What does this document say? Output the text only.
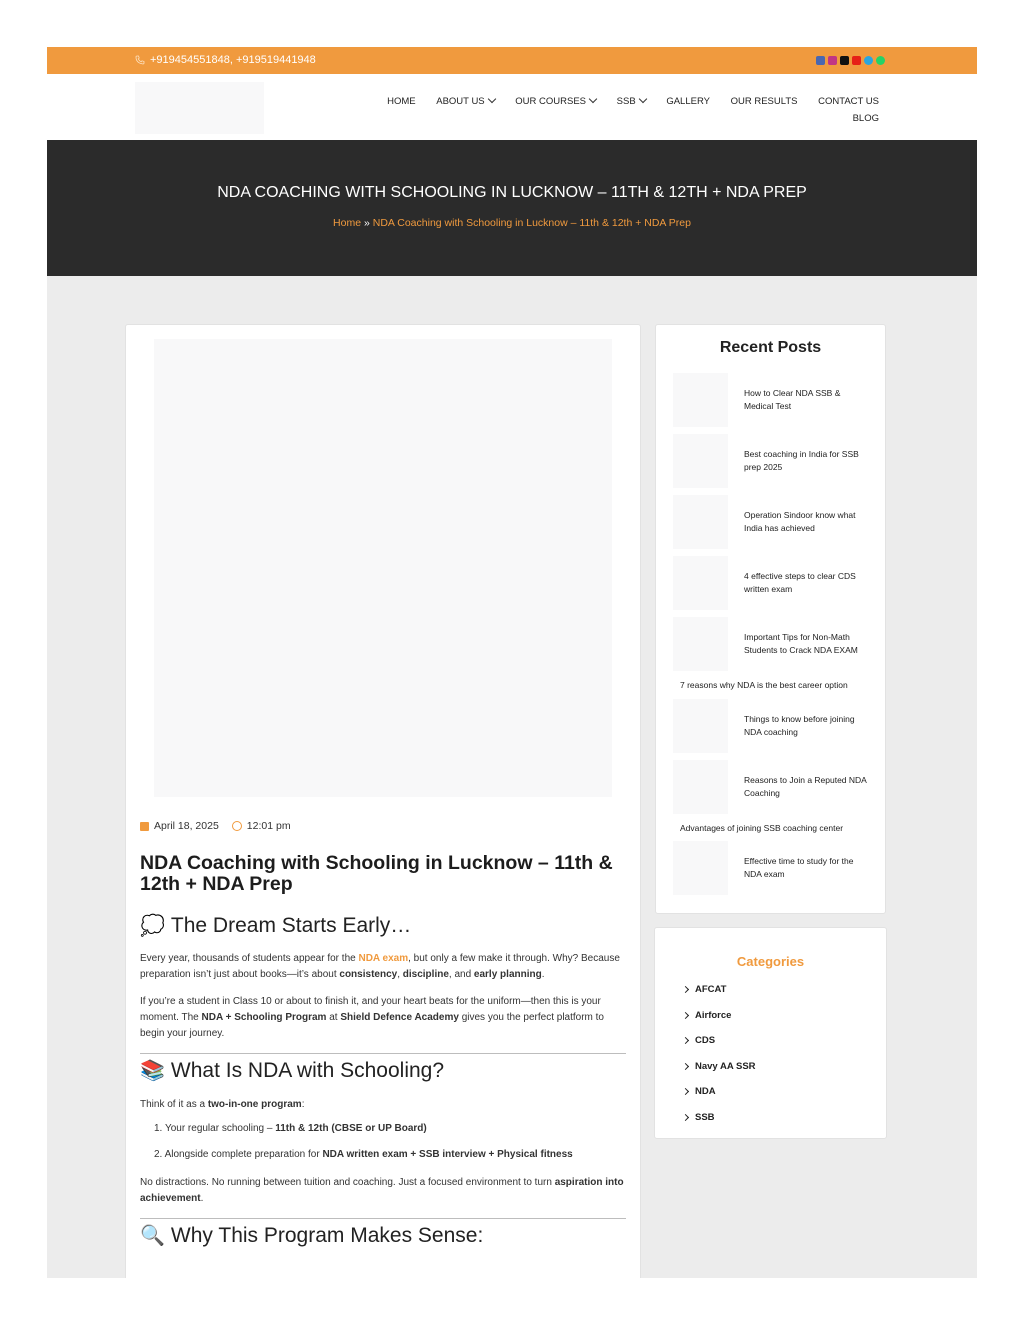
+919454551848, +919519441948
HOME ABOUT US	OUR COURSES	SSB	GALLERY OUR RESULTS CONTACT US
BLOG
NDA COACHING WITH SCHOOLING IN LUCKNOW – 11TH & 12TH + NDA PREP
Home » NDA Coaching with Schooling in Lucknow – 11th & 12th + NDA Prep
April 18, 2025	12:01 pm
NDA Coaching with Schooling in Lucknow – 11th & 12th + NDA Prep
💭 The Dream Starts Early…
Every year, thousands of students appear for the NDA exam, but only a few make it through. Why? Because preparation isn’t just about books—it’s about consistency, discipline, and early planning.
If you’re a student in Class 10 or about to finish it, and your heart beats for the uniform—then this is your moment. The NDA + Schooling Program at Shield Defence Academy gives you the perfect platform to begin your journey.
📚 What Is NDA with Schooling?
Think of it as a two-in-one program:
1. Your regular schooling – 11th & 12th (CBSE or UP Board)
2. Alongside complete preparation for NDA written exam + SSB interview + Physical fitness
No distractions. No running between tuition and coaching. Just a focused environment to turn aspiration into achievement.
🔍 Why This Program Makes Sense:
Recent Posts
How to Clear NDA SSB & Medical Test
Best coaching in India for SSB prep 2025
Operation Sindoor know what India has achieved
4 effective steps to clear CDS written exam
Important Tips for Non-Math Students to Crack NDA EXAM
7 reasons why NDA is the best career option
Things to know before joining NDA coaching
Reasons to Join a Reputed NDA Coaching
Advantages of joining SSB coaching center
Effective time to study for the NDA exam
Categories
AFCAT
Airforce
CDS
Navy AA SSR
NDA
SSB
